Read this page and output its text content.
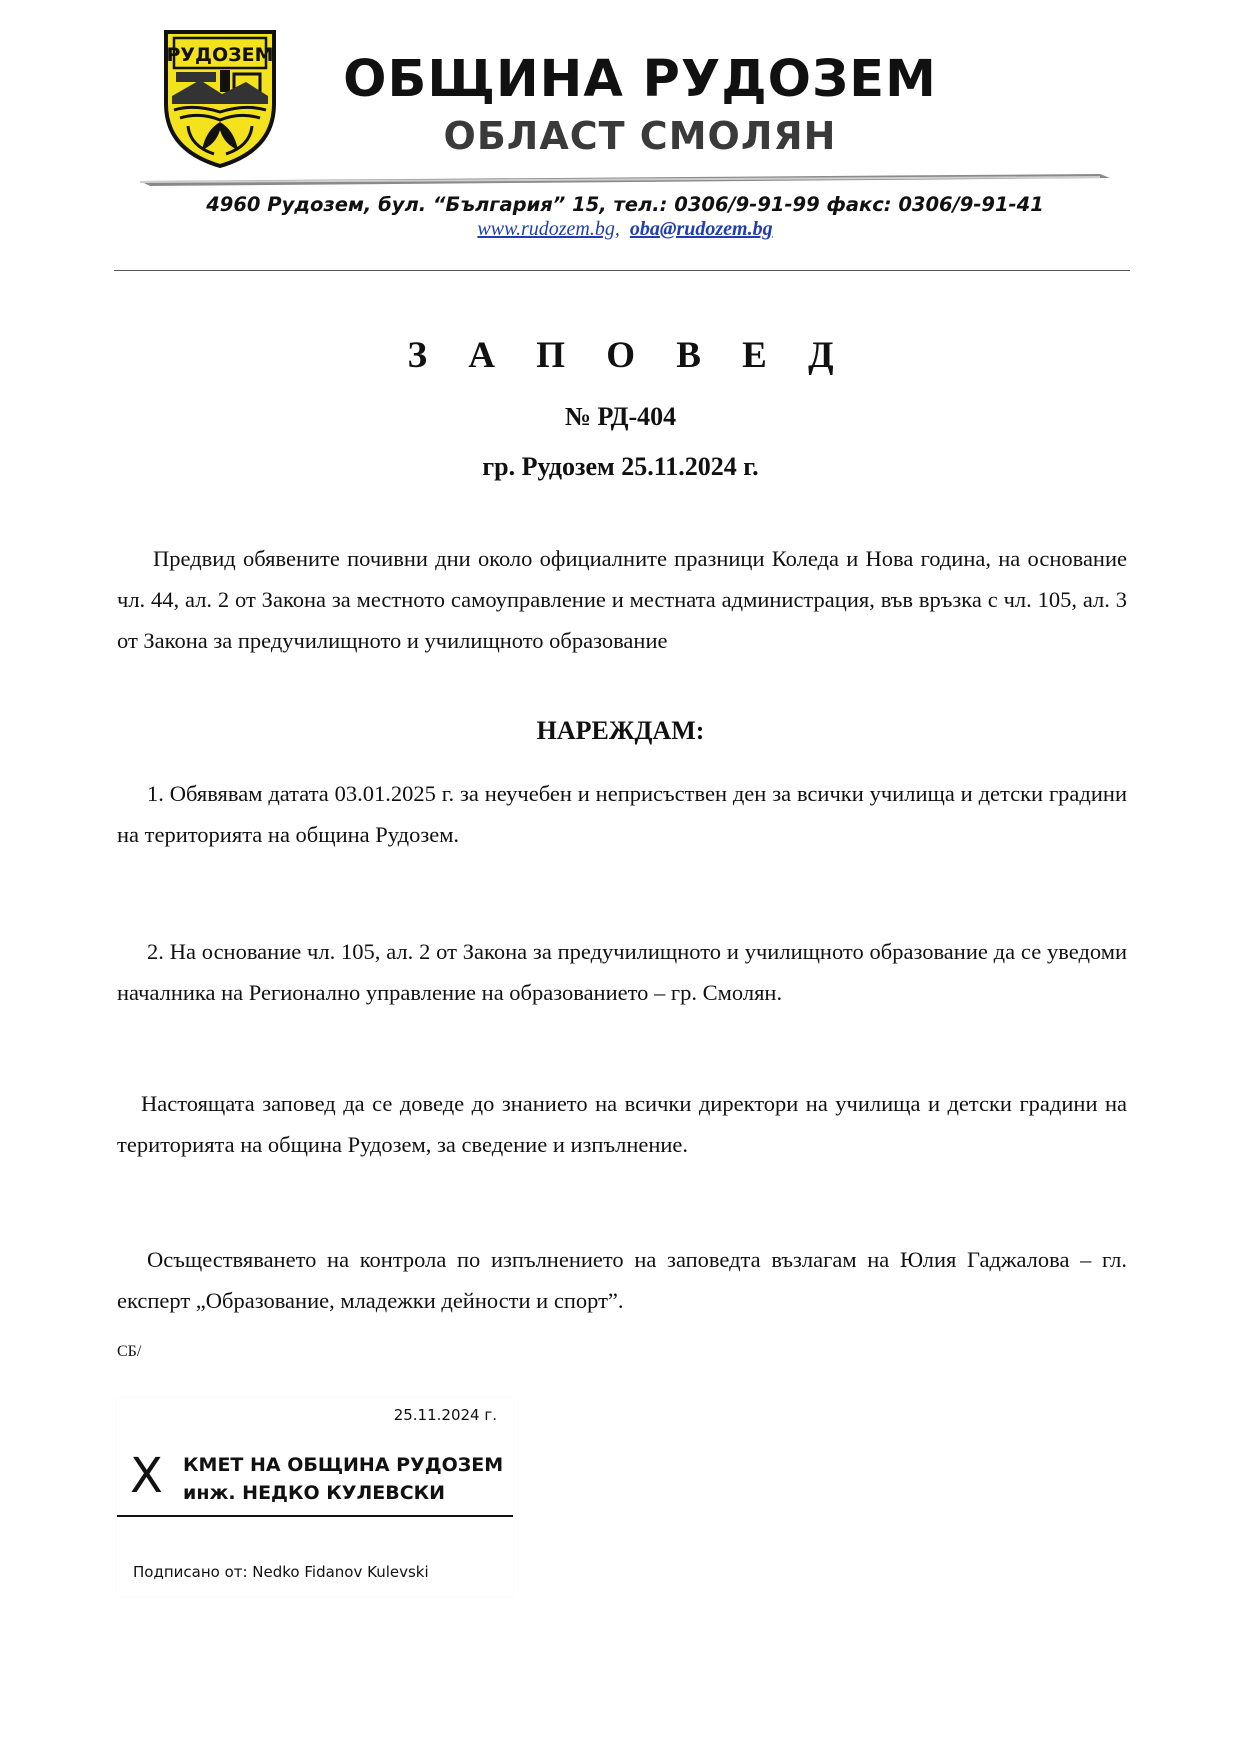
РУДОЗЕМ	ОБЩИНА РУДОЗЕМ
ОБЛАСТ СМОЛЯН
4960 Рудозем, бул. “България” 15, тел.: 0306/9-91-99 факс: 0306/9-91-41
www.rudozem.bg, oba@rudozem.bg
З А П О В Е Д
№ РД-404
гр. Рудозем 25.11.2024 г.
Предвид обявените почивни дни около официалните празници Коледа и Нова година, на основание чл. 44, ал. 2 от Закона за местното самоуправление и местната администрация, във връзка с чл. 105, ал. 3 от Закона за предучилищното и училищното образование
НАРЕЖДАМ:
1. Обявявам датата 03.01.2025 г. за неучебен и неприсъствен ден за всички училища и детски градини на територията на община Рудозем.
2. На основание чл. 105, ал. 2 от Закона за предучилищното и училищното образование да се уведоми началника на Регионално управление на образованието – гр. Смолян.
Настоящата заповед да се доведе до знанието на всички директори на училища и детски градини на територията на община Рудозем, за сведение и изпълнение.
Осъществяването на контрола по изпълнението на заповедта възлагам на Юлия Гаджалова – гл. експерт „Образование, младежки дейности и спорт”.
СБ/
25.11.2024 г.
X КМЕТ НА ОБЩИНА РУДОЗЕМ
инж. НЕДКО КУЛЕВСКИ
Подписано от: Nedko Fidanov Kulevski
